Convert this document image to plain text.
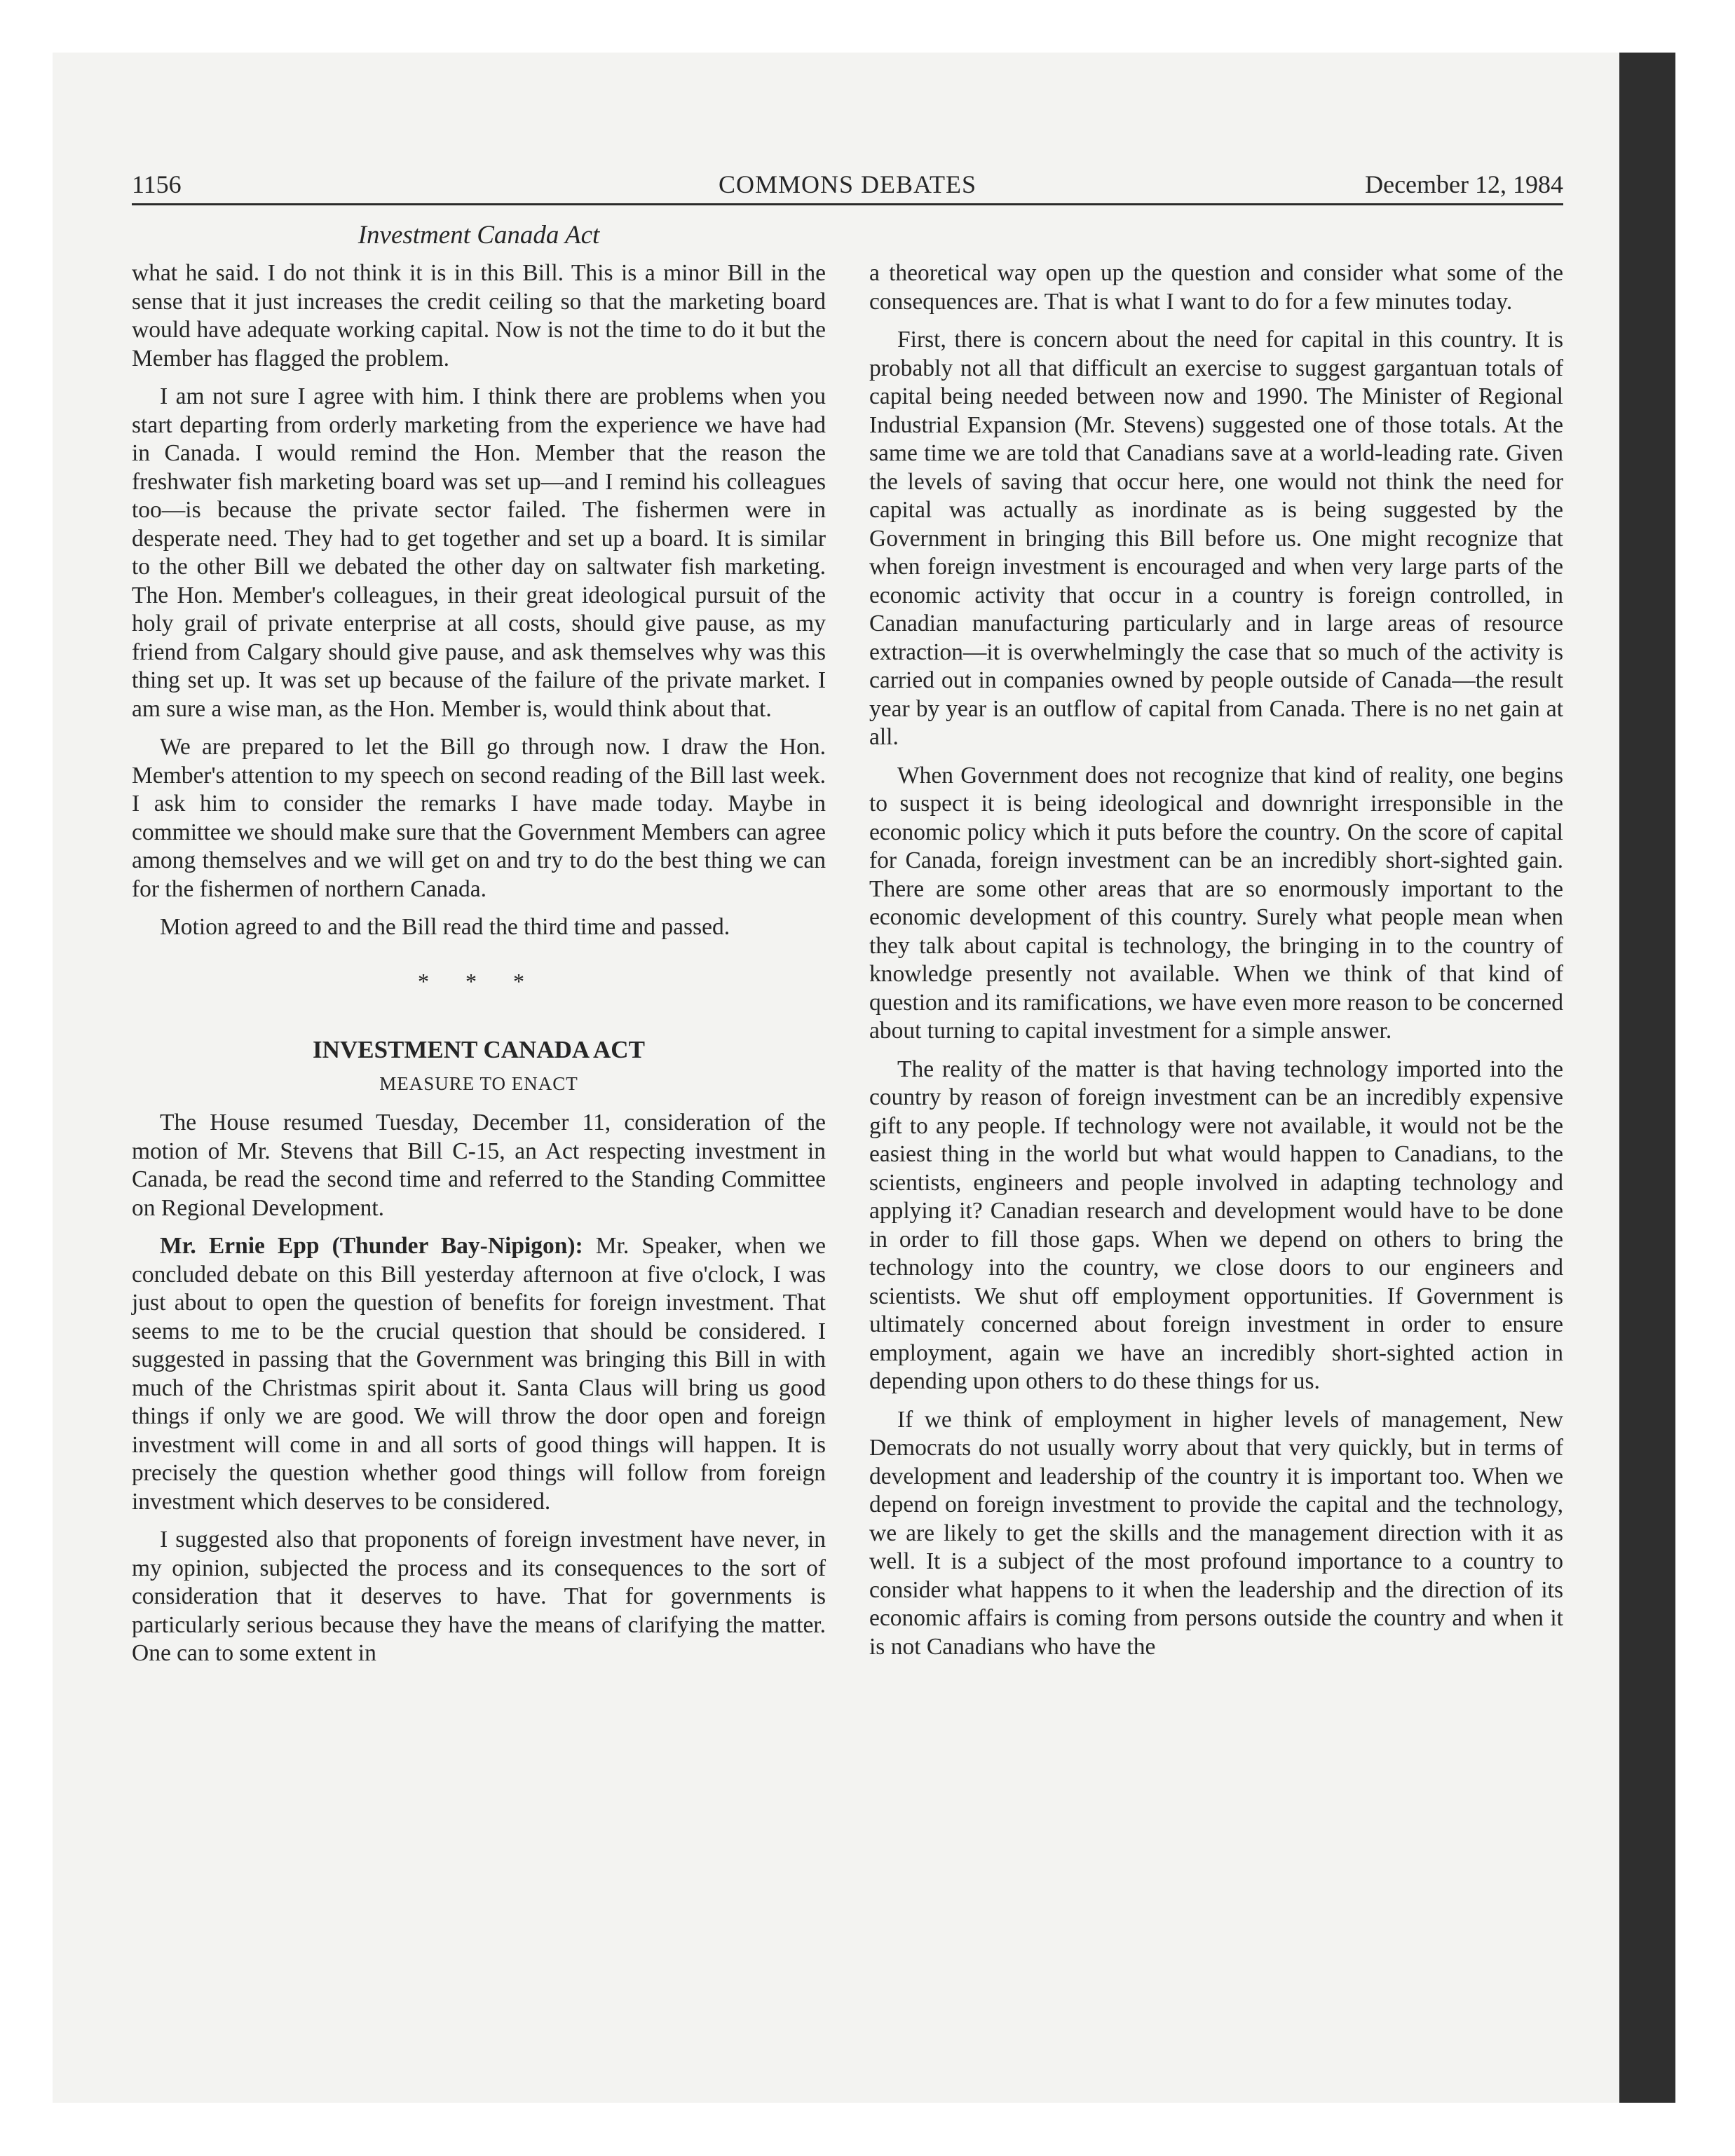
COMMONS DEBATES
1156	December 12, 1984
Investment Canada Act

what he said. I do not think it is in this Bill. This is a minor Bill in the sense that it just increases the credit ceiling so that the marketing board would have adequate working capital. Now is not the time to do it but the Member has flagged the problem.

I am not sure I agree with him. I think there are problems when you start departing from orderly marketing from the experience we have had in Canada. I would remind the Hon. Member that the reason the freshwater fish marketing board was set up—and I remind his colleagues too—is because the private sector failed. The fishermen were in desperate need. They had to get together and set up a board. It is similar to the other Bill we debated the other day on saltwater fish marketing. The Hon. Member's colleagues, in their great ideological pursuit of the holy grail of private enterprise at all costs, should give pause, as my friend from Calgary should give pause, and ask themselves why was this thing set up. It was set up because of the failure of the private market. I am sure a wise man, as the Hon. Member is, would think about that.

We are prepared to let the Bill go through now. I draw the Hon. Member's attention to my speech on second reading of the Bill last week. I ask him to consider the remarks I have made today. Maybe in committee we should make sure that the Government Members can agree among themselves and we will get on and try to do the best thing we can for the fishermen of northern Canada.

Motion agreed to and the Bill read the third time and passed.

* * *
INVESTMENT CANADA ACT
MEASURE TO ENACT

The House resumed Tuesday, December 11, consideration of the motion of Mr. Stevens that Bill C-15, an Act respecting investment in Canada, be read the second time and referred to the Standing Committee on Regional Development.

Mr. Ernie Epp (Thunder Bay-Nipigon): Mr. Speaker, when we concluded debate on this Bill yesterday afternoon at five o'clock, I was just about to open the question of benefits for foreign investment. That seems to me to be the crucial question that should be considered. I suggested in passing that the Government was bringing this Bill in with much of the Christmas spirit about it. Santa Claus will bring us good things if only we are good. We will throw the door open and foreign investment will come in and all sorts of good things will happen. It is precisely the question whether good things will follow from foreign investment which deserves to be considered.

I suggested also that proponents of foreign investment have never, in my opinion, subjected the process and its consequences to the sort of consideration that it deserves to have. That for governments is particularly serious because they have the means of clarifying the matter. One can to some extent in

a theoretical way open up the question and consider what some of the consequences are. That is what I want to do for a few minutes today.

First, there is concern about the need for capital in this country. It is probably not all that difficult an exercise to suggest gargantuan totals of capital being needed between now and 1990. The Minister of Regional Industrial Expansion (Mr. Stevens) suggested one of those totals. At the same time we are told that Canadians save at a world-leading rate. Given the levels of saving that occur here, one would not think the need for capital was actually as inordinate as is being suggested by the Government in bringing this Bill before us. One might recognize that when foreign investment is encouraged and when very large parts of the economic activity that occur in a country is foreign controlled, in Canadian manufacturing particularly and in large areas of resource extraction—it is overwhelmingly the case that so much of the activity is carried out in companies owned by people outside of Canada—the result year by year is an outflow of capital from Canada. There is no net gain at all.

When Government does not recognize that kind of reality, one begins to suspect it is being ideological and downright irresponsible in the economic policy which it puts before the country. On the score of capital for Canada, foreign investment can be an incredibly short-sighted gain. There are some other areas that are so enormously important to the economic development of this country. Surely what people mean when they talk about capital is technology, the bringing in to the country of knowledge presently not available. When we think of that kind of question and its ramifications, we have even more reason to be concerned about turning to capital investment for a simple answer.

The reality of the matter is that having technology imported into the country by reason of foreign investment can be an incredibly expensive gift to any people. If technology were not available, it would not be the easiest thing in the world but what would happen to Canadians, to the scientists, engineers and people involved in adapting technology and applying it? Canadian research and development would have to be done in order to fill those gaps. When we depend on others to bring the technology into the country, we close doors to our engineers and scientists. We shut off employment opportunities. If Government is ultimately concerned about foreign investment in order to ensure employment, again we have an incredibly short-sighted action in depending upon others to do these things for us.

If we think of employment in higher levels of management, New Democrats do not usually worry about that very quickly, but in terms of development and leadership of the country it is important too. When we depend on foreign investment to provide the capital and the technology, we are likely to get the skills and the management direction with it as well. It is a subject of the most profound importance to a country to consider what happens to it when the leadership and the direction of its economic affairs is coming from persons outside the country and when it is not Canadians who have the
